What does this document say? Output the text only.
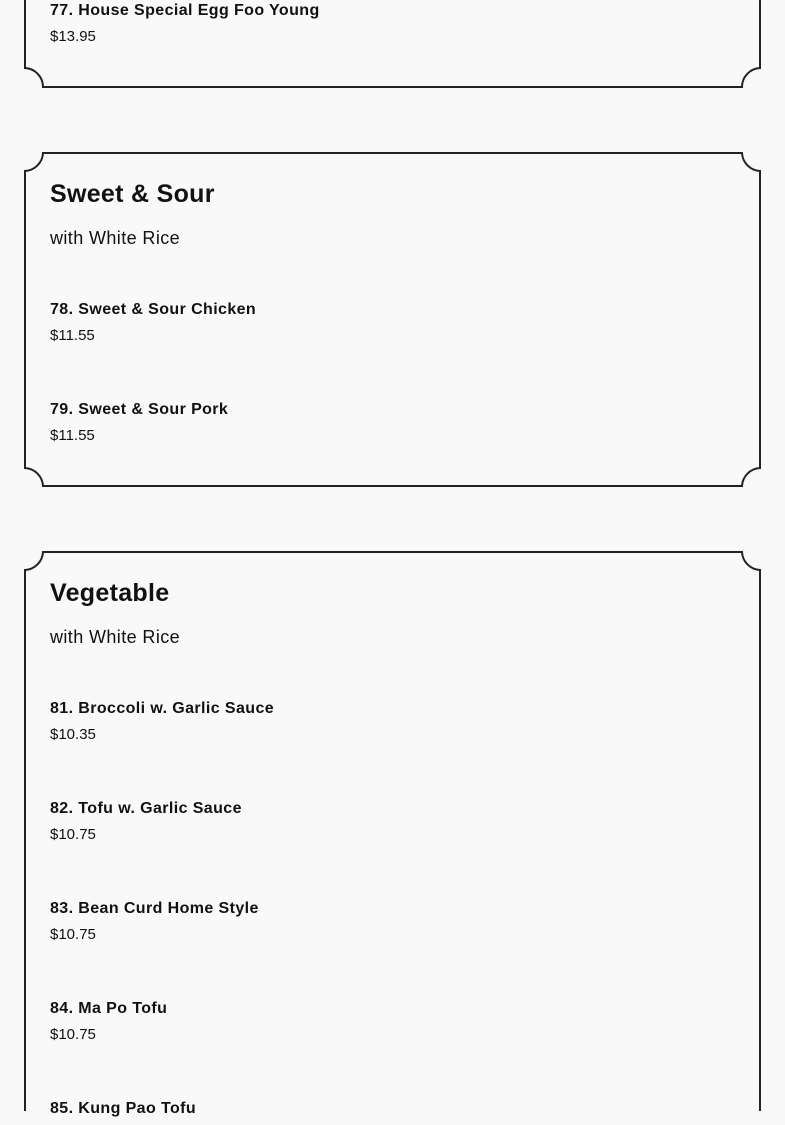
77. House Special Egg Foo Young
$13.95
Sweet & Sour

with White Rice

78. Sweet & Sour Chicken
$11.55
79. Sweet & Sour Pork
$11.55
Vegetable

with White Rice

81. Broccoli w. Garlic Sauce
$10.35
82. Tofu w. Garlic Sauce
$10.75
83. Bean Curd Home Style
$10.75
84. Ma Po Tofu
$10.75
85. Kung Pao Tofu
